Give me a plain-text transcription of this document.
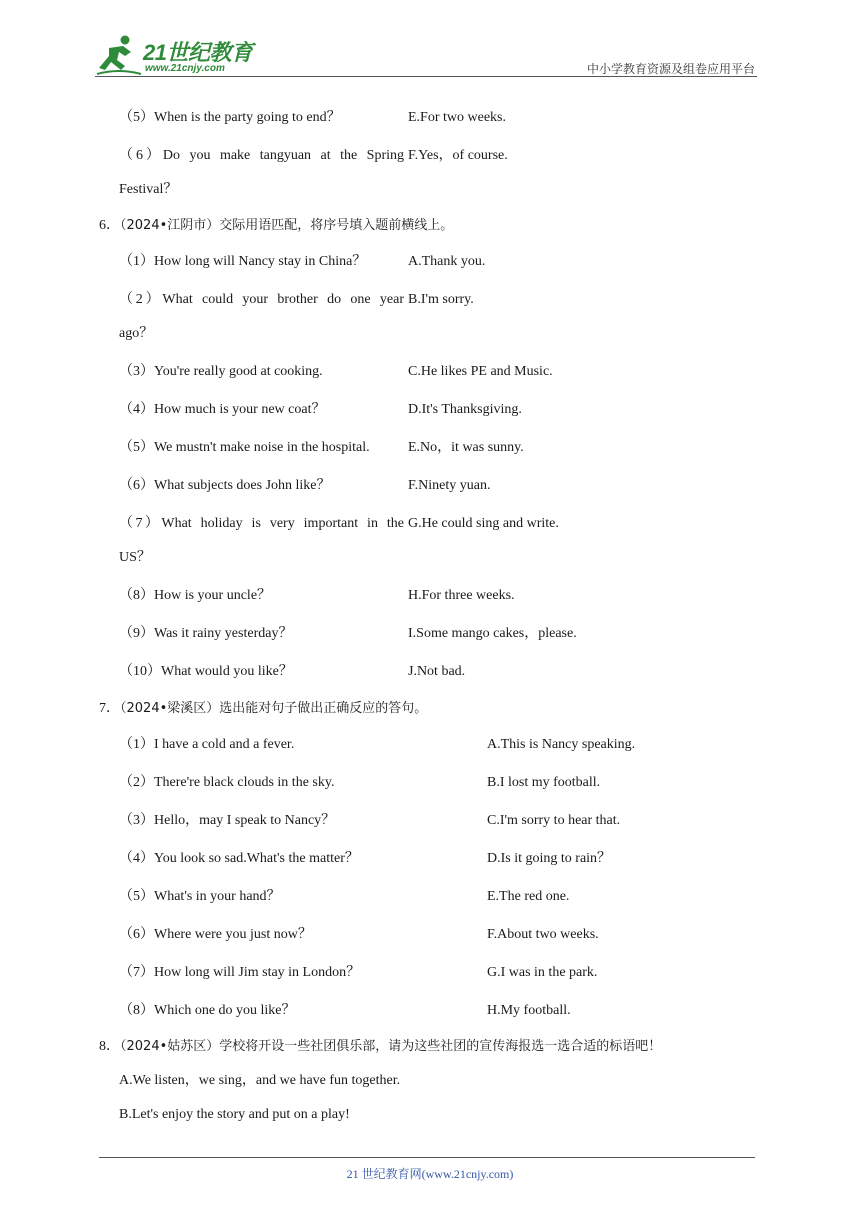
21世纪教育
www.21cnjy.com	中小学教育资源及组卷应用平台
（5）When is the party going to end？	E.For two weeks.
（6）Do you make tangyuan at the Spring F.Yes，of course.
Festival？
6．（2024•江阴市）交际用语匹配，将序号填入题前横线上。
（1）How long will Nancy stay in China？	A.Thank you.
（2）What could your brother do one year B.I'm sorry.
ago？
（3）You're really good at cooking.	C.He likes PE and Music.
（4）How much is your new coat？	D.It's Thanksgiving.
（5）We mustn't make noise in the hospital.	E.No，it was sunny.
（6）What subjects does John like？	F.Ninety yuan.
（7）What holiday is very important in the G.He could sing and write.
US？
（8）How is your uncle？	H.For three weeks.
（9）Was it rainy yesterday？	I.Some mango cakes，please.
（10）What would you like？	J.Not bad.
7．（2024•梁溪区）选出能对句子做出正确反应的答句。
（1）I have a cold and a fever.	A.This is Nancy speaking.
（2）There're black clouds in the sky.	B.I lost my football.
（3）Hello，may I speak to Nancy？	C.I'm sorry to hear that.
（4）You look so sad.What's the matter？	D.Is it going to rain？
（5）What's in your hand？	E.The red one.
（6）Where were you just now？	F.About two weeks.
（7）How long will Jim stay in London？	G.I was in the park.
（8）Which one do you like？	H.My football.
8．（2024•姑苏区）学校将开设一些社团俱乐部，请为这些社团的宣传海报选一选合适的标语吧！
A.We listen，we sing，and we have fun together.
B.Let's enjoy the story and put on a play!
21 世纪教育网(www.21cnjy.com)
